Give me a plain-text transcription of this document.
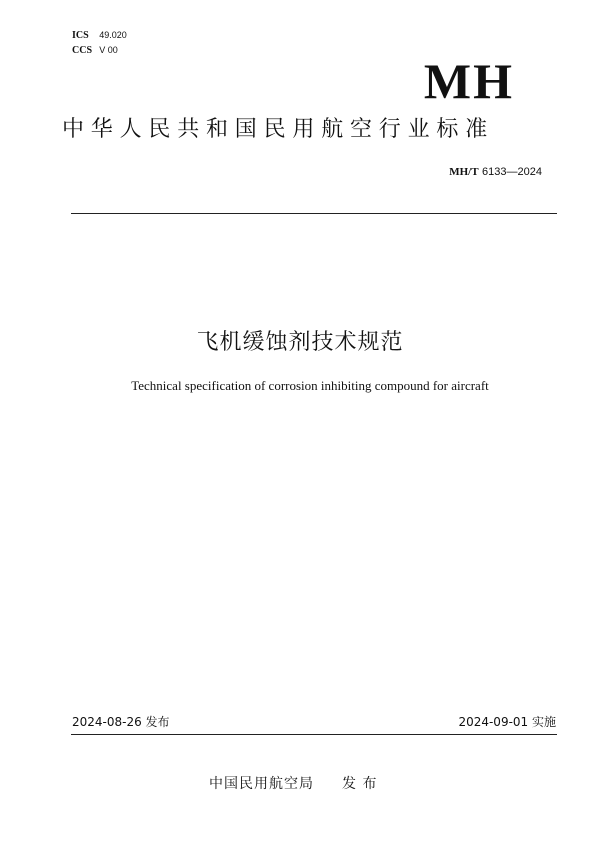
ICS 49.020
CCS V 00
MH
中华人民共和国民用航空行业标准
MH/T 6133—2024
飞机缓蚀剂技术规范
Technical specification of corrosion inhibiting compound for aircraft
2024-08-26 发布	2024-09-01 实施
中国民用航空局 发 布
